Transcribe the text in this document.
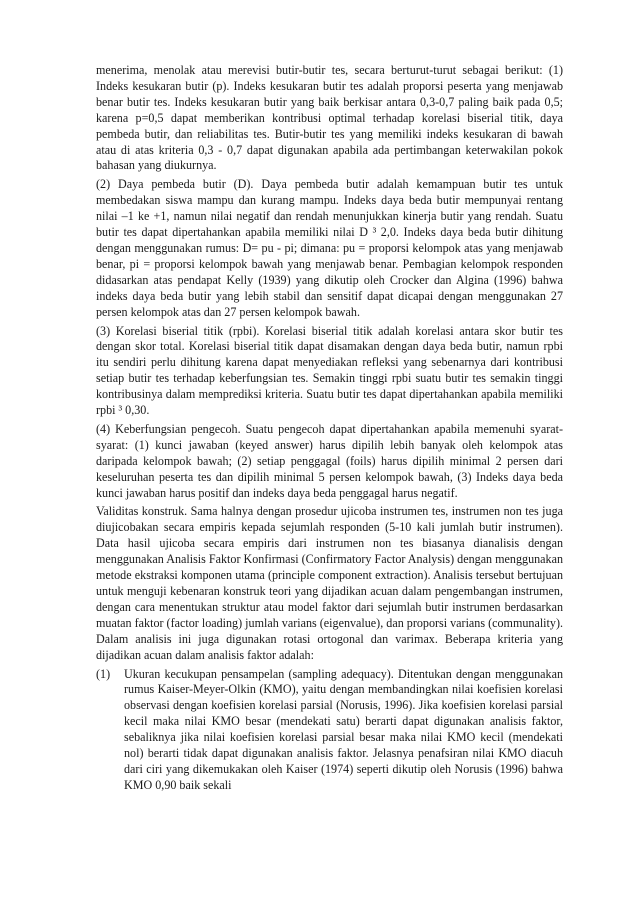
menerima, menolak atau merevisi butir-butir tes, secara berturut-turut sebagai berikut: (1) Indeks kesukaran butir (p). Indeks kesukaran butir tes adalah proporsi peserta yang menjawab benar butir tes. Indeks kesukaran butir yang baik berkisar antara 0,3-0,7 paling baik pada 0,5; karena p=0,5 dapat memberikan kontribusi optimal terhadap korelasi biserial titik, daya pembeda butir, dan reliabilitas tes. Butir-butir tes yang memiliki indeks kesukaran di bawah atau di atas kriteria 0,3 - 0,7 dapat digunakan apabila ada pertimbangan keterwakilan pokok bahasan yang diukurnya.

(2) Daya pembeda butir (D). Daya pembeda butir adalah kemampuan butir tes untuk membedakan siswa mampu dan kurang mampu. Indeks daya beda butir mempunyai rentang nilai –1 ke +1, namun nilai negatif dan rendah menunjukkan kinerja butir yang rendah. Suatu butir tes dapat dipertahankan apabila memiliki nilai D ³ 2,0. Indeks daya beda butir dihitung dengan menggunakan rumus: D= pu - pi; dimana: pu = proporsi kelompok atas yang menjawab benar, pi = proporsi kelompok bawah yang menjawab benar. Pembagian kelompok responden didasarkan atas pendapat Kelly (1939) yang dikutip oleh Crocker dan Algina (1996) bahwa indeks daya beda butir yang lebih stabil dan sensitif dapat dicapai dengan menggunakan 27 persen kelompok atas dan 27 persen kelompok bawah.

(3) Korelasi biserial titik (rpbi). Korelasi biserial titik adalah korelasi antara skor butir tes dengan skor total. Korelasi biserial titik dapat disamakan dengan daya beda butir, namun rpbi itu sendiri perlu dihitung karena dapat menyediakan refleksi yang sebenarnya dari kontribusi setiap butir tes terhadap keberfungsian tes. Semakin tinggi rpbi suatu butir tes semakin tinggi kontribusinya dalam memprediksi kriteria. Suatu butir tes dapat dipertahankan apabila memiliki rpbi ³ 0,30.

(4) Keberfungsian pengecoh. Suatu pengecoh dapat dipertahankan apabila memenuhi syarat-syarat: (1) kunci jawaban (keyed answer) harus dipilih lebih banyak oleh kelompok atas daripada kelompok bawah; (2) setiap penggagal (foils) harus dipilih minimal 2 persen dari keseluruhan peserta tes dan dipilih minimal 5 persen kelompok bawah, (3) Indeks daya beda kunci jawaban harus positif dan indeks daya beda penggagal harus negatif.

Validitas konstruk. Sama halnya dengan prosedur ujicoba instrumen tes, instrumen non tes juga diujicobakan secara empiris kepada sejumlah responden (5-10 kali jumlah butir instrumen). Data hasil ujicoba secara empiris dari instrumen non tes biasanya dianalisis dengan menggunakan Analisis Faktor Konfirmasi (Confirmatory Factor Analysis) dengan menggunakan metode ekstraksi komponen utama (principle component extraction). Analisis tersebut bertujuan untuk menguji kebenaran konstruk teori yang dijadikan acuan dalam pengembangan instrumen, dengan cara menentukan struktur atau model faktor dari sejumlah butir instrumen berdasarkan muatan faktor (factor loading) jumlah varians (eigenvalue), dan proporsi varians (communality). Dalam analisis ini juga digunakan rotasi ortogonal dan varimax. Beberapa kriteria yang dijadikan acuan dalam analisis faktor adalah:

(1)	Ukuran kecukupan pensampelan (sampling adequacy). Ditentukan dengan menggunakan rumus Kaiser-Meyer-Olkin (KMO), yaitu dengan membandingkan nilai koefisien korelasi observasi dengan koefisien korelasi parsial (Norusis, 1996). Jika koefisien korelasi parsial kecil maka nilai KMO besar (mendekati satu) berarti dapat digunakan analisis faktor, sebaliknya jika nilai koefisien korelasi parsial besar maka nilai KMO kecil (mendekati nol) berarti tidak dapat digunakan analisis faktor. Jelasnya penafsiran nilai KMO diacuh dari ciri yang dikemukakan oleh Kaiser (1974) seperti dikutip oleh Norusis (1996) bahwa KMO 0,90 baik sekali
